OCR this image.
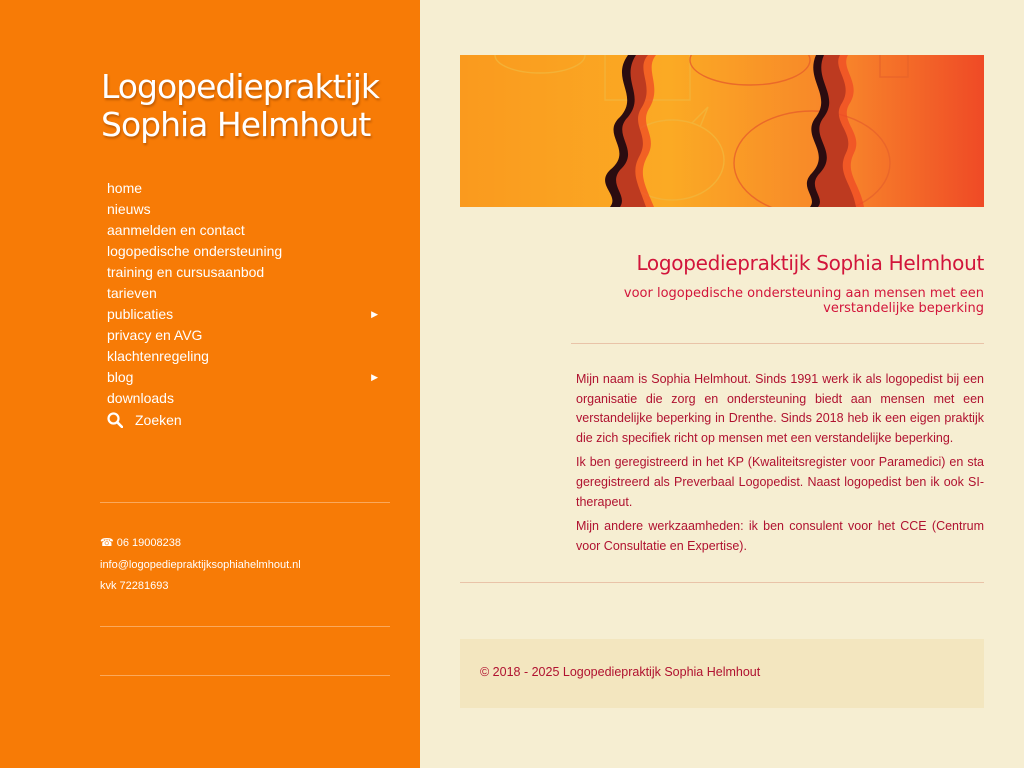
Logopediepraktijk
Sophia Helmhout
home
nieuws
aanmelden en contact
logopedische ondersteuning
training en cursusaanbod
tarieven
publicaties	▶
privacy en AVG
klachtenregeling
blog	▶
downloads
Zoeken
☎ 06 19008238
info@logopediepraktijksophiahelmhout.nl
kvk 72281693
Logopediepraktijk Sophia Helmhout
voor logopedische ondersteuning aan mensen met een verstandelijke beperking

Mijn naam is Sophia Helmhout. Sinds 1991 werk ik als logopedist bij een organisatie die zorg en ondersteuning biedt aan mensen met een verstandelijke beperking in Drenthe. Sinds 2018 heb ik een eigen praktijk die zich specifiek richt op mensen met een verstandelijke beperking.

Ik ben geregistreerd in het KP (Kwaliteitsregister voor Paramedici) en sta geregistreerd als Preverbaal Logopedist. Naast logopedist ben ik ook SI-therapeut.

Mijn andere werkzaamheden: ik ben consulent voor het CCE (Centrum voor Consultatie en Expertise).

© 2018 - 2025 Logopediepraktijk Sophia Helmhout
